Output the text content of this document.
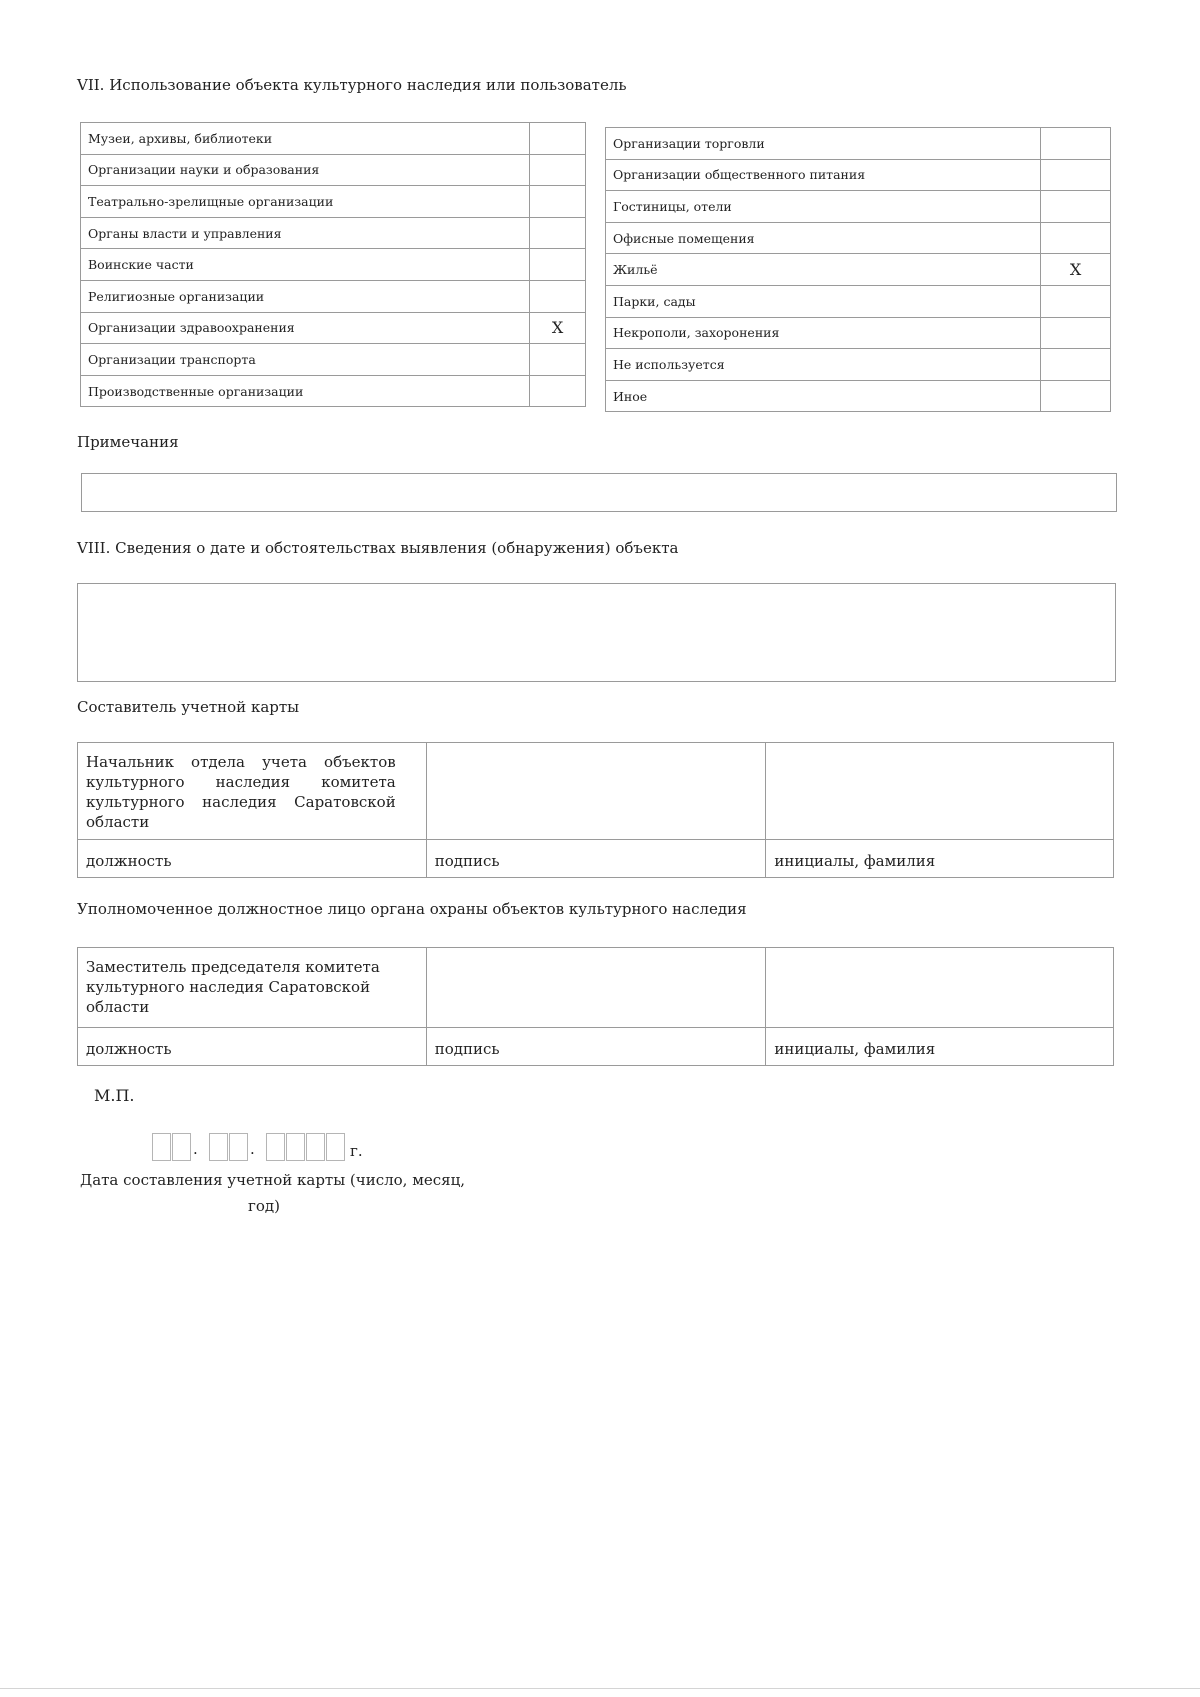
VII. Использование объекта культурного наследия или пользователь
Музеи, архивы, библиотеки	
Организации науки и образования	
Театрально-зрелищные организации	
Органы власти и управления	
Воинские части	
Религиозные организации	
Организации здравоохранения	X
Организации транспорта	
Производственные организации	
Организации торговли	
Организации общественного питания	
Гостиницы, отели	
Офисные помещения	
Жильё	X
Парки, сады	
Некрополи, захоронения	
Не используется	
Иное	
Примечания
VIII. Сведения о дате и обстоятельствах выявления (обнаружения) объекта
Составитель учетной карты
Начальник отдела учета объектов культурного наследия комитета культурного наследия Саратовской области		
должность	подпись	инициалы, фамилия
Уполномоченное должностное лицо органа охраны объектов культурного наследия
Заместитель председателя комитета культурного наследия Саратовской области		
должность	подпись	инициалы, фамилия
М.П.
.	.	г.
Дата составления учетной карты (число, месяц,
год)
